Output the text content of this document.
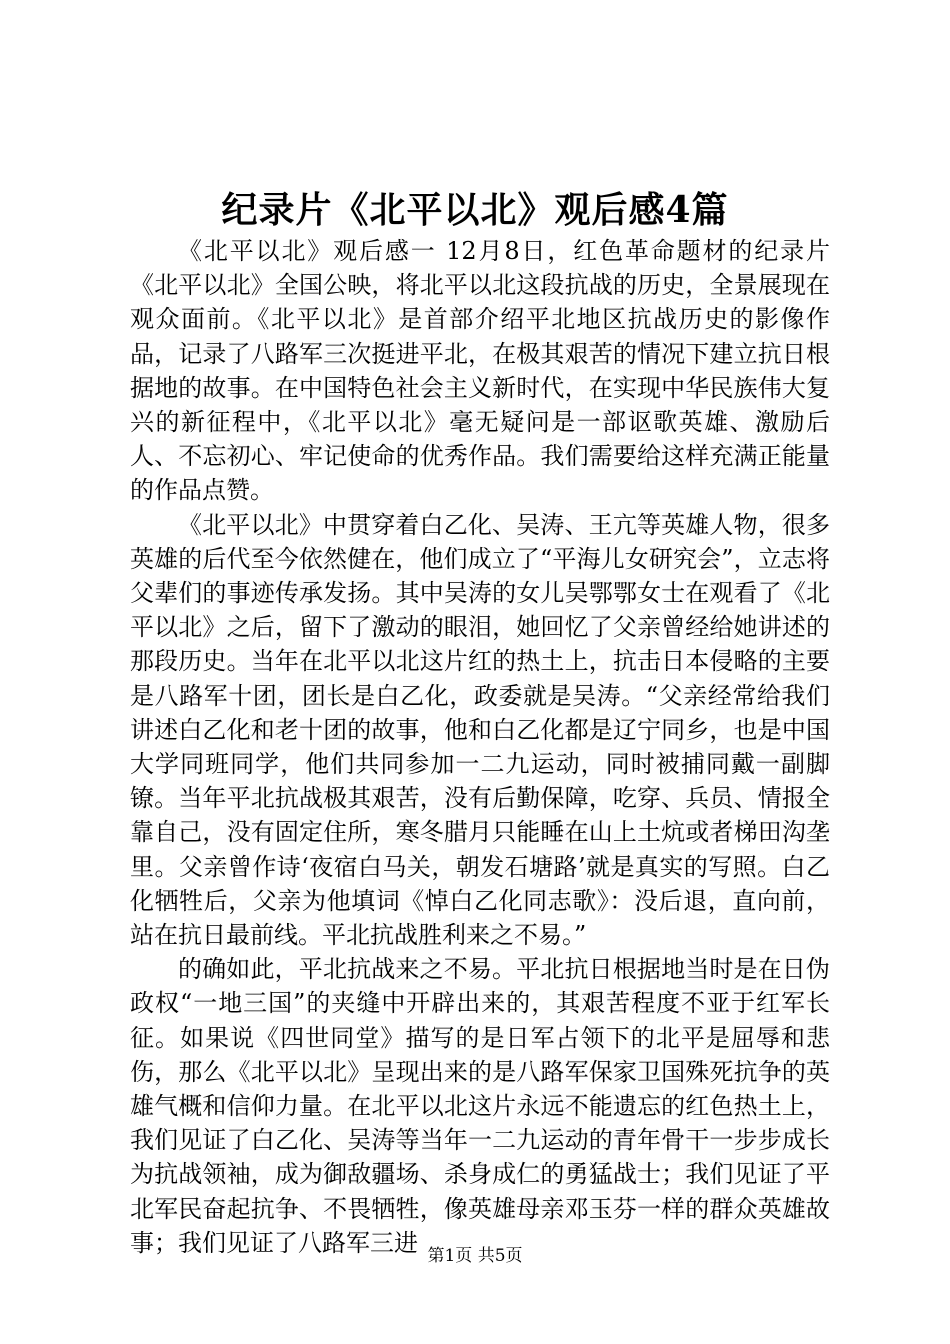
纪录片《北平以北》观后感4篇

《北平以北》观后感一 12月8日，红色革命题材的纪录片《北平以北》全国公映，将北平以北这段抗战的历史，全景展现在观众面前。《北平以北》是首部介绍平北地区抗战历史的影像作品，记录了八路军三次挺进平北，在极其艰苦的情况下建立抗日根据地的故事。在中国特色社会主义新时代，在实现中华民族伟大复兴的新征程中，《北平以北》毫无疑问是一部讴歌英雄、激励后人、不忘初心、牢记使命的优秀作品。我们需要给这样充满正能量的作品点赞。

《北平以北》中贯穿着白乙化、吴涛、王亢等英雄人物，很多英雄的后代至今依然健在，他们成立了“平海儿女研究会”，立志将父辈们的事迹传承发扬。其中吴涛的女儿吴鄂鄂女士在观看了《北平以北》之后，留下了激动的眼泪，她回忆了父亲曾经给她讲述的那段历史。当年在北平以北这片红的热土上，抗击日本侵略的主要是八路军十团，团长是白乙化，政委就是吴涛。“父亲经常给我们讲述白乙化和老十团的故事，他和白乙化都是辽宁同乡，也是中国大学同班同学，他们共同参加一二九运动，同时被捕同戴一副脚镣。当年平北抗战极其艰苦，没有后勤保障，吃穿、兵员、情报全靠自己，没有固定住所，寒冬腊月只能睡在山上土炕或者梯田沟垄里。父亲曾作诗‘夜宿白马关，朝发石塘路’就是真实的写照。白乙化牺牲后，父亲为他填词《悼白乙化同志歌》：没后退，直向前，站在抗日最前线。平北抗战胜利来之不易。”

的确如此，平北抗战来之不易。平北抗日根据地当时是在日伪政权“一地三国”的夹缝中开辟出来的，其艰苦程度不亚于红军长征。如果说《四世同堂》描写的是日军占领下的北平是屈辱和悲伤，那么《北平以北》呈现出来的是八路军保家卫国殊死抗争的英雄气概和信仰力量。在北平以北这片永远不能遗忘的红色热土上，我们见证了白乙化、吴涛等当年一二九运动的青年骨干一步步成长为抗战领袖，成为御敌疆场、杀身成仁的勇猛战士；我们见证了平北军民奋起抗争、不畏牺牲，像英雄母亲邓玉芬一样的群众英雄故事；我们见证了八路军三进 第1页 共5页
